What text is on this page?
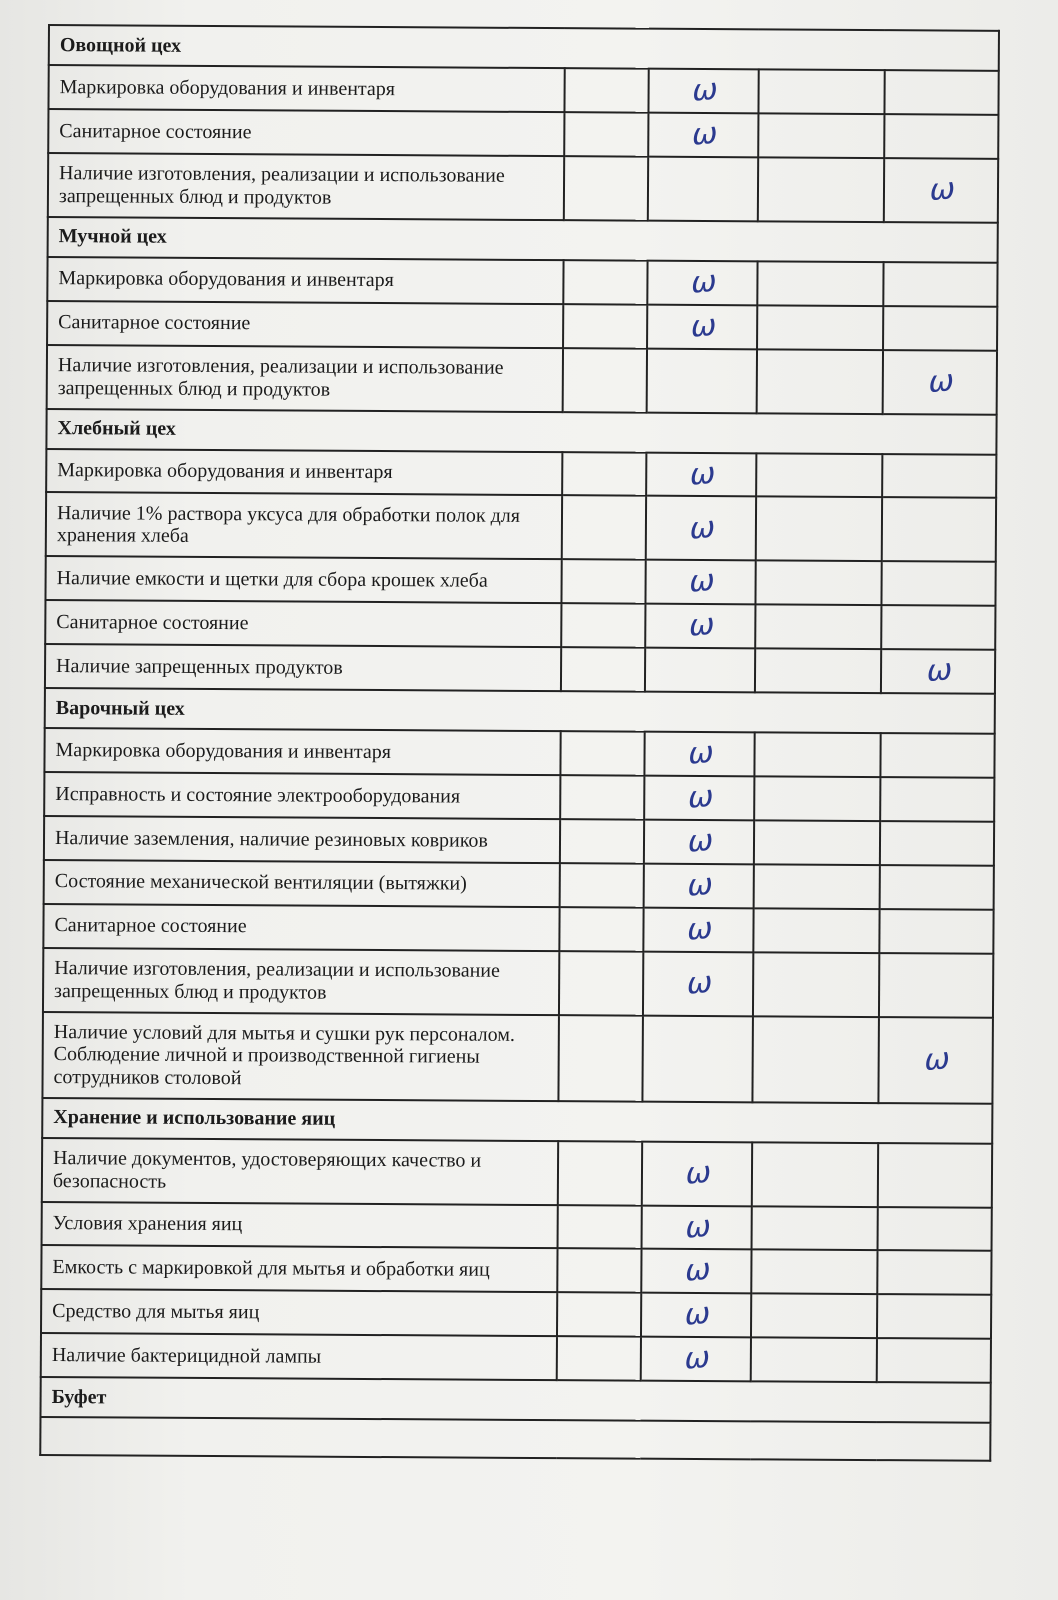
Овощной цех				
Маркировка оборудования и инвентаря		ѡ		
Санитарное состояние		ѡ		
Наличие изготовления, реализации и использование запрещенных блюд и продуктов				ѡ
Мучной цех				
Маркировка оборудования и инвентаря		ѡ		
Санитарное состояние		ѡ		
Наличие изготовления, реализации и использование запрещенных блюд и продуктов				ѡ
Хлебный цех				
Маркировка оборудования и инвентаря		ѡ		
Наличие 1% раствора уксуса для обработки полок для хранения хлеба		ѡ		
Наличие емкости и щетки для сбора крошек хлеба		ѡ		
Санитарное состояние		ѡ		
Наличие запрещенных продуктов				ѡ
Варочный цех				
Маркировка оборудования и инвентаря		ѡ		
Исправность и состояние электрооборудования		ѡ		
Наличие заземления, наличие резиновых ковриков		ѡ		
Состояние механической вентиляции (вытяжки)		ѡ		
Санитарное состояние		ѡ		
Наличие изготовления, реализации и использование запрещенных блюд и продуктов		ѡ		
Наличие условий для мытья и сушки рук персоналом. Соблюдение личной и производственной гигиены сотрудников столовой				ѡ
Хранение и использование яиц				
Наличие документов, удостоверяющих качество и безопасность		ѡ		
Условия хранения яиц		ѡ		
Емкость с маркировкой для мытья и обработки яиц		ѡ		
Средство для мытья яиц		ѡ		
Наличие бактерицидной лампы		ѡ		
Буфет				
